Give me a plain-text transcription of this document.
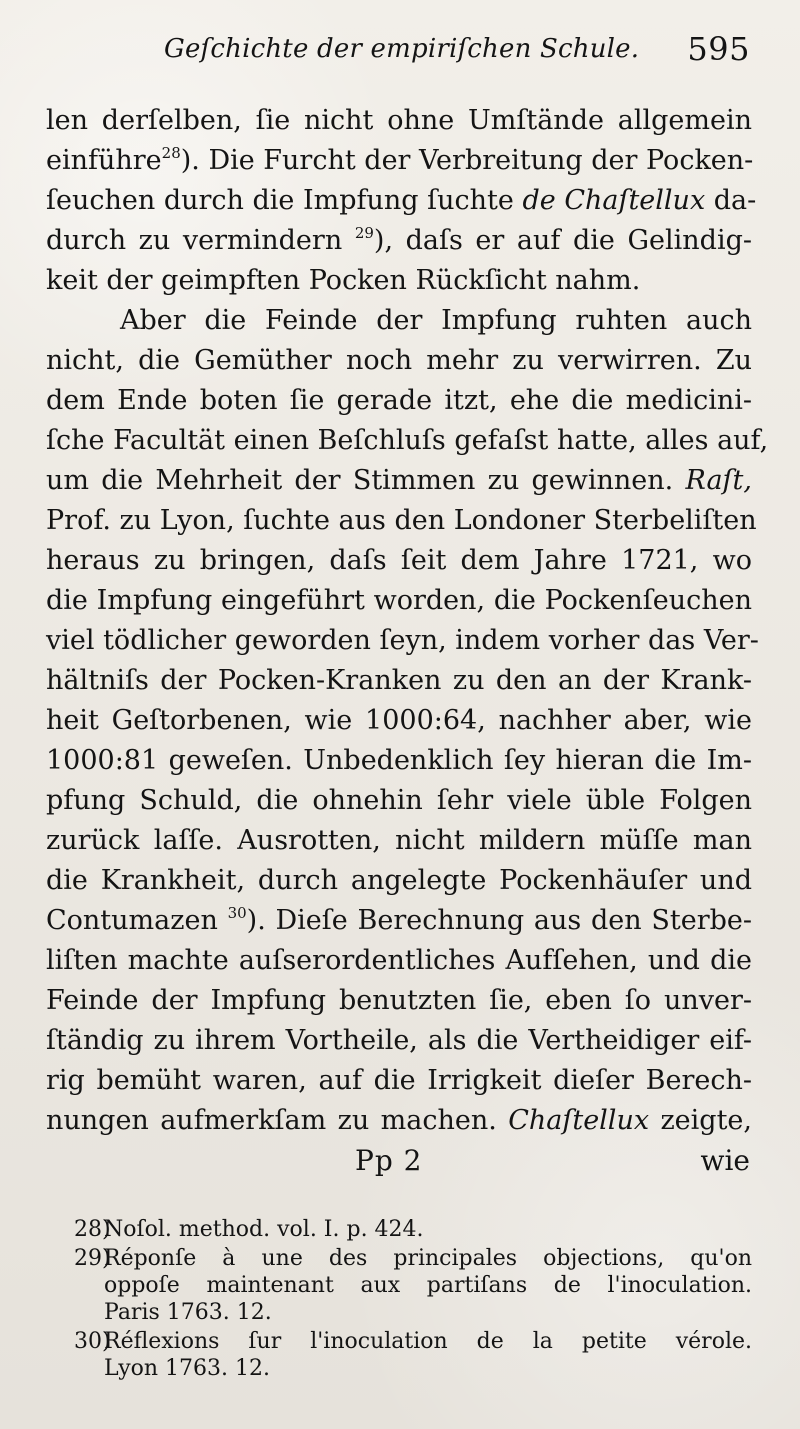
Geſchichte der empiriſchen Schule. 595
len derſelben, ſie nicht ohne Umſtände allgemein
einführe$^{28}$). Die Furcht der Verbreitung der Pocken-
ſeuchen durch die Impfung ſuchte de Chaſtellux da-
durch zu vermindern $^{29}$), daſs er auf die Gelindig-
keit der geimpften Pocken Rückſicht nahm.
Aber die Feinde der Impfung ruhten auch
nicht, die Gemüther noch mehr zu verwirren. Zu
dem Ende boten ſie gerade itzt, ehe die medicini-
ſche Facultät einen Beſchluſs gefaſst hatte, alles auf,
um die Mehrheit der Stimmen zu gewinnen. Raſt,
Prof. zu Lyon, ſuchte aus den Londoner Sterbeliſten
heraus zu bringen, daſs ſeit dem Jahre 1721, wo
die Impfung eingeführt worden, die Pockenſeuchen
viel tödlicher geworden ſeyn, indem vorher das Ver-
hältniſs der Pocken-Kranken zu den an der Krank-
heit Geſtorbenen, wie 1000:64, nachher aber, wie
1000:81 geweſen. Unbedenklich ſey hieran die Im-
pfung Schuld, die ohnehin ſehr viele üble Folgen
zurück laſſe. Ausrotten, nicht mildern müſſe man
die Krankheit, durch angelegte Pockenhäuſer und
Contumazen $^{30}$). Dieſe Berechnung aus den Sterbe-
liſten machte auſserordentliches Aufſehen, und die
Feinde der Impfung benutzten ſie, eben ſo unver-
ſtändig zu ihrem Vortheile, als die Vertheidiger eif-
rig bemüht waren, auf die Irrigkeit dieſer Berech-
nungen aufmerkſam zu machen. Chaſtellux zeigte,
Pp 2	wie
28)
Noſol. method. vol. I. p. 424.
29)
Réponſe à une des principales objections, qu'on
oppoſe maintenant aux partiſans de l'inoculation.
Paris 1763. 12.
30)
Réflexions ſur l'inoculation de la petite vérole.
Lyon 1763. 12.
